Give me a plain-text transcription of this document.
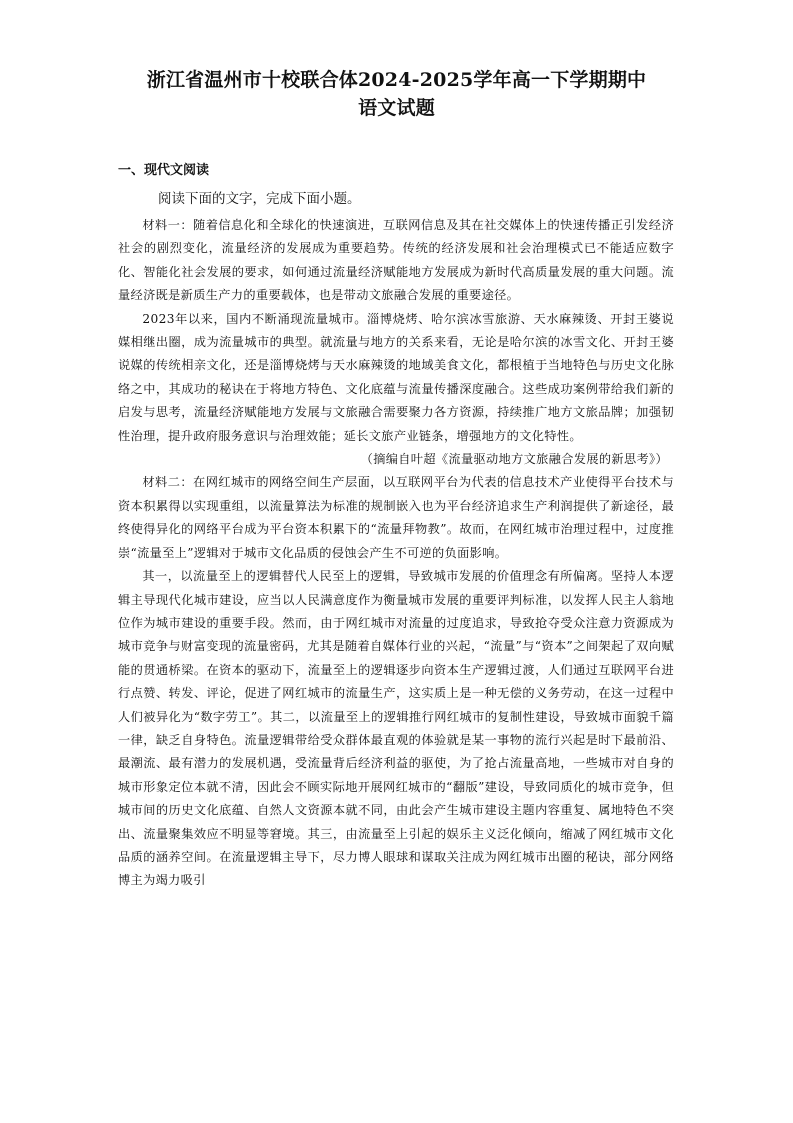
浙江省温州市十校联合体2024-2025学年高一下学期期中
语文试题
一、现代文阅读
阅读下面的文字，完成下面小题。

材料一：随着信息化和全球化的快速演进，互联网信息及其在社交媒体上的快速传播正引发经济社会的剧烈变化，流量经济的发展成为重要趋势。传统的经济发展和社会治理模式已不能适应数字化、智能化社会发展的要求，如何通过流量经济赋能地方发展成为新时代高质量发展的重大问题。流量经济既是新质生产力的重要载体，也是带动文旅融合发展的重要途径。

2023年以来，国内不断涌现流量城市。淄博烧烤、哈尔滨冰雪旅游、天水麻辣烫、开封王婆说媒相继出圈，成为流量城市的典型。就流量与地方的关系来看，无论是哈尔滨的冰雪文化、开封王婆说媒的传统相亲文化，还是淄博烧烤与天水麻辣烫的地域美食文化，都根植于当地特色与历史文化脉络之中，其成功的秘诀在于将地方特色、文化底蕴与流量传播深度融合。这些成功案例带给我们新的启发与思考，流量经济赋能地方发展与文旅融合需要聚力各方资源，持续推广地方文旅品牌；加强韧性治理，提升政府服务意识与治理效能；延长文旅产业链条，增强地方的文化特性。

（摘编自叶超《流量驱动地方文旅融合发展的新思考》）

材料二：在网红城市的网络空间生产层面，以互联网平台为代表的信息技术产业使得平台技术与资本积累得以实现重组，以流量算法为标准的规制嵌入也为平台经济追求生产利润提供了新途径，最终使得异化的网络平台成为平台资本积累下的“流量拜物教”。故而，在网红城市治理过程中，过度推崇“流量至上”逻辑对于城市文化品质的侵蚀会产生不可逆的负面影响。

其一，以流量至上的逻辑替代人民至上的逻辑，导致城市发展的价值理念有所偏离。坚持人本逻辑主导现代化城市建设，应当以人民满意度作为衡量城市发展的重要评判标准，以发挥人民主人翁地位作为城市建设的重要手段。然而，由于网红城市对流量的过度追求，导致抢夺受众注意力资源成为城市竞争与财富变现的流量密码，尤其是随着自媒体行业的兴起，“流量”与“资本”之间架起了双向赋能的贯通桥梁。在资本的驱动下，流量至上的逻辑逐步向资本生产逻辑过渡，人们通过互联网平台进行点赞、转发、评论，促进了网红城市的流量生产，这实质上是一种无偿的义务劳动，在这一过程中人们被异化为“数字劳工”。其二，以流量至上的逻辑推行网红城市的复制性建设，导致城市面貌千篇一律，缺乏自身特色。流量逻辑带给受众群体最直观的体验就是某一事物的流行兴起是时下最前沿、最潮流、最有潜力的发展机遇，受流量背后经济利益的驱使，为了抢占流量高地，一些城市对自身的城市形象定位本就不清，因此会不顾实际地开展网红城市的“翻版”建设，导致同质化的城市竞争，但城市间的历史文化底蕴、自然人文资源本就不同，由此会产生城市建设主题内容重复、属地特色不突出、流量聚集效应不明显等窘境。其三，由流量至上引起的娱乐主义泛化倾向，缩减了网红城市文化品质的涵养空间。在流量逻辑主导下，尽力博人眼球和谋取关注成为网红城市出圈的秘诀，部分网络博主为竭力吸引
